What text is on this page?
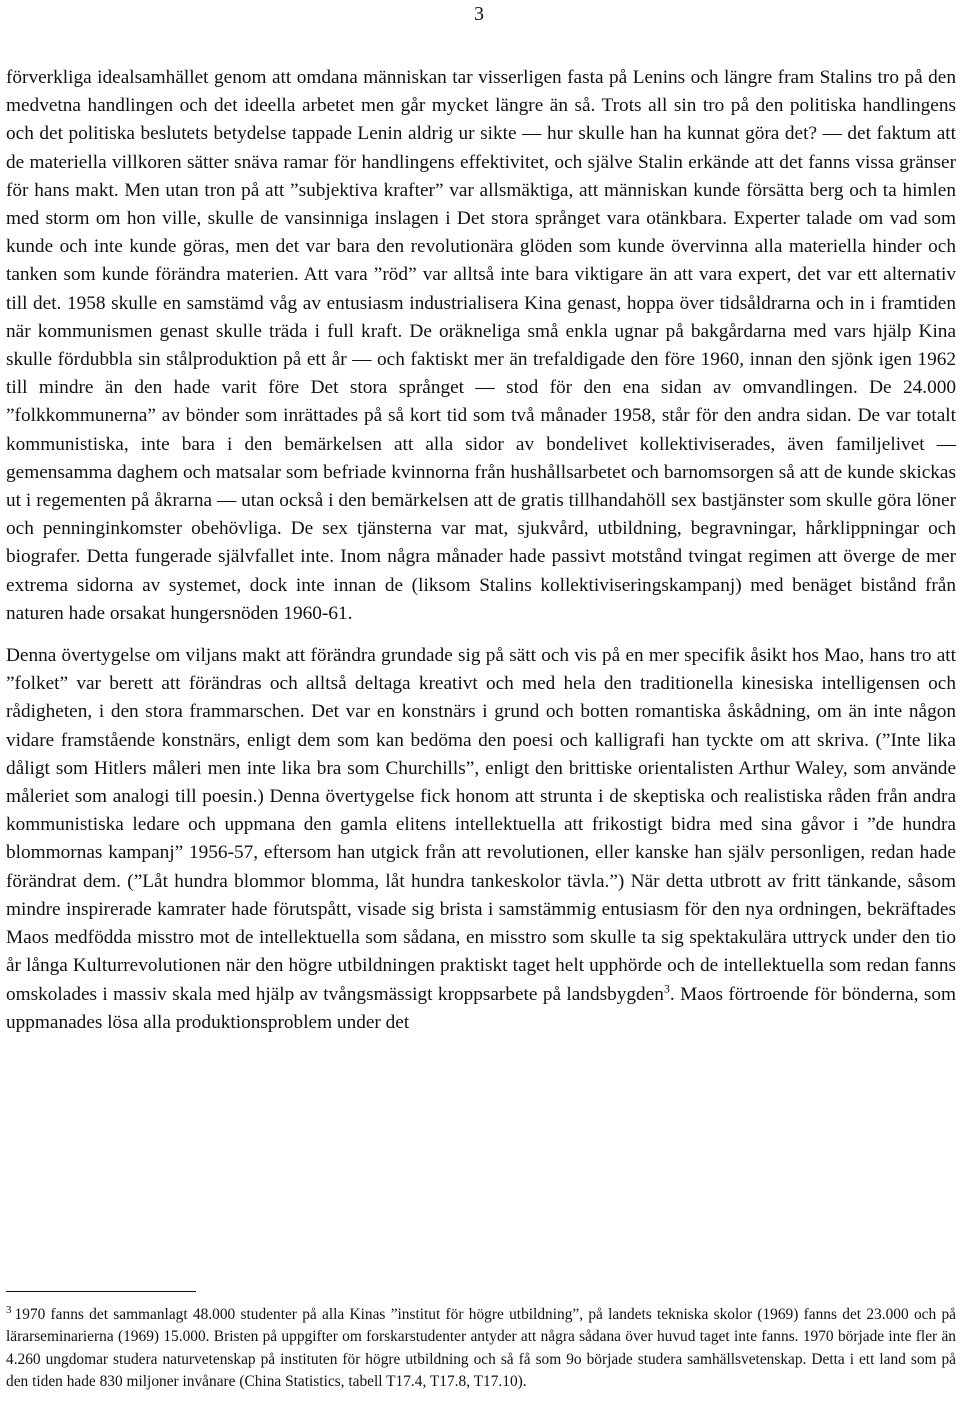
3

förverkliga idealsamhället genom att omdana människan tar visserligen fasta på Lenins och längre fram Stalins tro på den medvetna handlingen och det ideella arbetet men går mycket längre än så. Trots all sin tro på den politiska handlingens och det politiska beslutets betydelse tappade Lenin aldrig ur sikte — hur skulle han ha kunnat göra det? — det faktum att de materiella villkoren sätter snäva ramar för handlingens effektivitet, och själve Stalin erkände att det fanns vissa gränser för hans makt. Men utan tron på att ”subjektiva krafter” var allsmäktiga, att människan kunde försätta berg och ta himlen med storm om hon ville, skulle de vansinniga inslagen i Det stora språnget vara otänkbara. Experter talade om vad som kunde och inte kunde göras, men det var bara den revolutionära glöden som kunde övervinna alla materiella hinder och tanken som kunde förändra materien. Att vara ”röd” var alltså inte bara viktigare än att vara expert, det var ett alternativ till det. 1958 skulle en samstämd våg av entusiasm industrialisera Kina genast, hoppa över tidsåldrarna och in i framtiden när kommunismen genast skulle träda i full kraft. De oräkneliga små enkla ugnar på bakgårdarna med vars hjälp Kina skulle fördubbla sin stålproduktion på ett år — och faktiskt mer än trefaldigade den före 1960, innan den sjönk igen 1962 till mindre än den hade varit före Det stora språnget — stod för den ena sidan av omvandlingen. De 24.000 ”folkkommunerna” av bönder som inrättades på så kort tid som två månader 1958, står för den andra sidan. De var totalt kommunistiska, inte bara i den bemärkelsen att alla sidor av bondelivet kollektiviserades, även familjelivet — gemensamma daghem och matsalar som befriade kvinnorna från hushållsarbetet och barnomsorgen så att de kunde skickas ut i regementen på åkrarna — utan också i den bemärkelsen att de gratis tillhandahöll sex bastjänster som skulle göra löner och penninginkomster obehövliga. De sex tjänsterna var mat, sjukvård, utbildning, begravningar, hårklippningar och biografer. Detta fungerade självfallet inte. Inom några månader hade passivt motstånd tvingat regimen att överge de mer extrema sidorna av systemet, dock inte innan de (liksom Stalins kollektiviseringskampanj) med benäget bistånd från naturen hade orsakat hungersnöden 1960-61.

Denna övertygelse om viljans makt att förändra grundade sig på sätt och vis på en mer specifik åsikt hos Mao, hans tro att ”folket” var berett att förändras och alltså deltaga kreativt och med hela den traditionella kinesiska intelligensen och rådigheten, i den stora frammarschen. Det var en konstnärs i grund och botten romantiska åskådning, om än inte någon vidare framstående konstnärs, enligt dem som kan bedöma den poesi och kalligrafi han tyckte om att skriva. (”Inte lika dåligt som Hitlers måleri men inte lika bra som Churchills”, enligt den brittiske orientalisten Arthur Waley, som använde måleriet som analogi till poesin.) Denna övertygelse fick honom att strunta i de skeptiska och realistiska råden från andra kommunistiska ledare och uppmana den gamla elitens intellektuella att frikostigt bidra med sina gåvor i ”de hundra blommornas kampanj” 1956-57, eftersom han utgick från att revolutionen, eller kanske han själv personligen, redan hade förändrat dem. (”Låt hundra blommor blomma, låt hundra tankeskolor tävla.”) När detta utbrott av fritt tänkande, såsom mindre inspirerade kamrater hade förutspått, visade sig brista i samstämmig entusiasm för den nya ordningen, bekräftades Maos medfödda misstro mot de intellektuella som sådana, en misstro som skulle ta sig spektakulära uttryck under den tio år långa Kulturrevolutionen när den högre utbildningen praktiskt taget helt upphörde och de intellektuella som redan fanns omskolades i massiv skala med hjälp av tvångsmässigt kroppsarbete på landsbygden$^3$. Maos förtroende för bönderna, som uppmanades lösa alla produktionsproblem under det

$^3$ 1970 fanns det sammanlagt 48.000 studenter på alla Kinas ”institut för högre utbildning”, på landets tekniska skolor (1969) fanns det 23.000 och på lärarseminarierna (1969) 15.000. Bristen på uppgifter om forskarstudenter antyder att några sådana över huvud taget inte fanns. 1970 började inte fler än 4.260 ungdomar studera naturvetenskap på instituten för högre utbildning och så få som 9o började studera samhällsvetenskap. Detta i ett land som på den tiden hade 830 miljoner invånare (China Statistics, tabell T17.4, T17.8, T17.10).
